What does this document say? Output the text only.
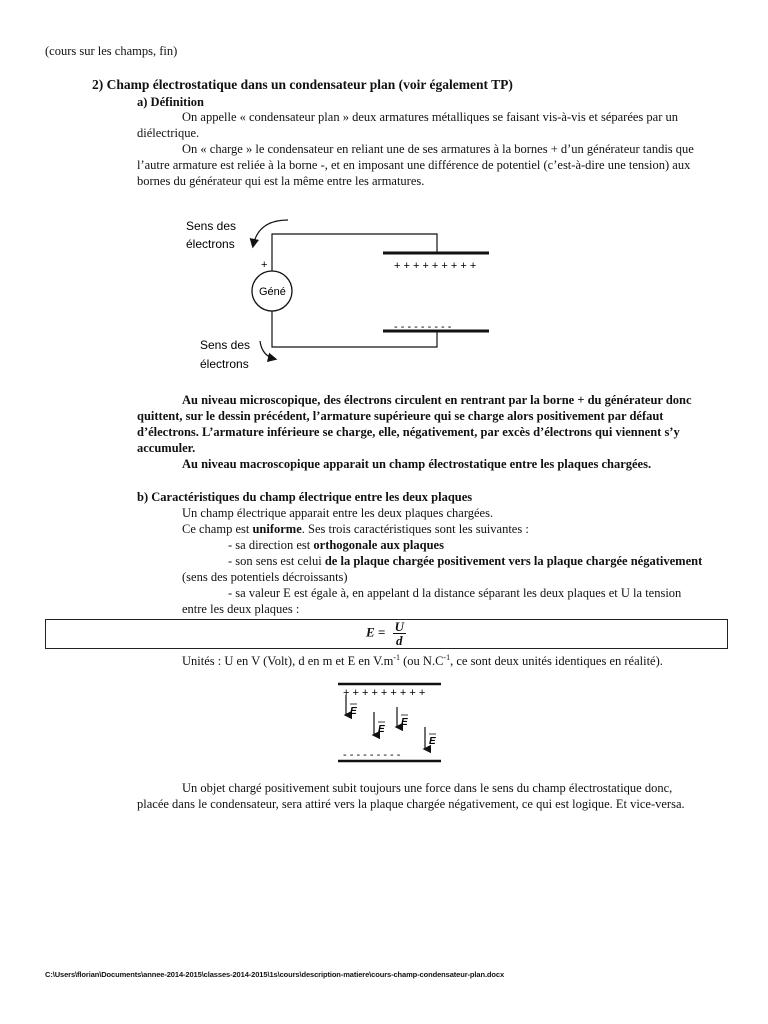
(cours sur les champs, fin)
2) Champ électrostatique dans un condensateur plan (voir également TP)
a) Définition
On appelle « condensateur plan » deux armatures métalliques se faisant vis-à-vis et séparées par un
diélectrique.
On « charge » le condensateur en reliant une de ses armatures à la bornes + d’un générateur tandis que
l’autre armature est reliée à la borne -, et en imposant une différence de potentiel (c’est-à-dire une tension) aux
bornes du générateur qui est la même entre les armatures.
Sens des
électrons
+
Géné
+ + + + + + + + +
- - - - - - - - -
Sens des
électrons
Au niveau microscopique, des électrons circulent en rentrant par la borne + du générateur donc
quittent, sur le dessin précédent, l’armature supérieure qui se charge alors positivement par défaut
d’électrons. L’armature inférieure se charge, elle, négativement, par excès d’électrons qui viennent s’y
accumuler.
Au niveau macroscopique apparait un champ électrostatique entre les plaques chargées.
b) Caractéristiques du champ électrique entre les deux plaques
Un champ électrique apparait entre les deux plaques chargées.
Ce champ est uniforme. Ses trois caractéristiques sont les suivantes :
- sa direction est orthogonale aux plaques
- son sens est celui de la plaque chargée positivement vers la plaque chargée négativement
(sens des potentiels décroissants)
- sa valeur E est égale à, en appelant d la distance séparant les deux plaques et U la tension
entre les deux plaques :
$E = \frac{U}{d}$
Unités : U en V (Volt), d en m et E en $V.m^{-1}$ (ou $N.C^{-1}$, ce sont deux unités identiques en réalité).
+ + + + + + + + +
- - - - - - - - -
E
E
E
E
Un objet chargé positivement subit toujours une force dans le sens du champ électrostatique donc,
placée dans le condensateur, sera attiré vers la plaque chargée négativement, ce qui est logique. Et vice-versa.
C:\Users\florian\Documents\annee-2014-2015\classes-2014-2015\1s\cours\description-matiere\cours-champ-condensateur-plan.docx
